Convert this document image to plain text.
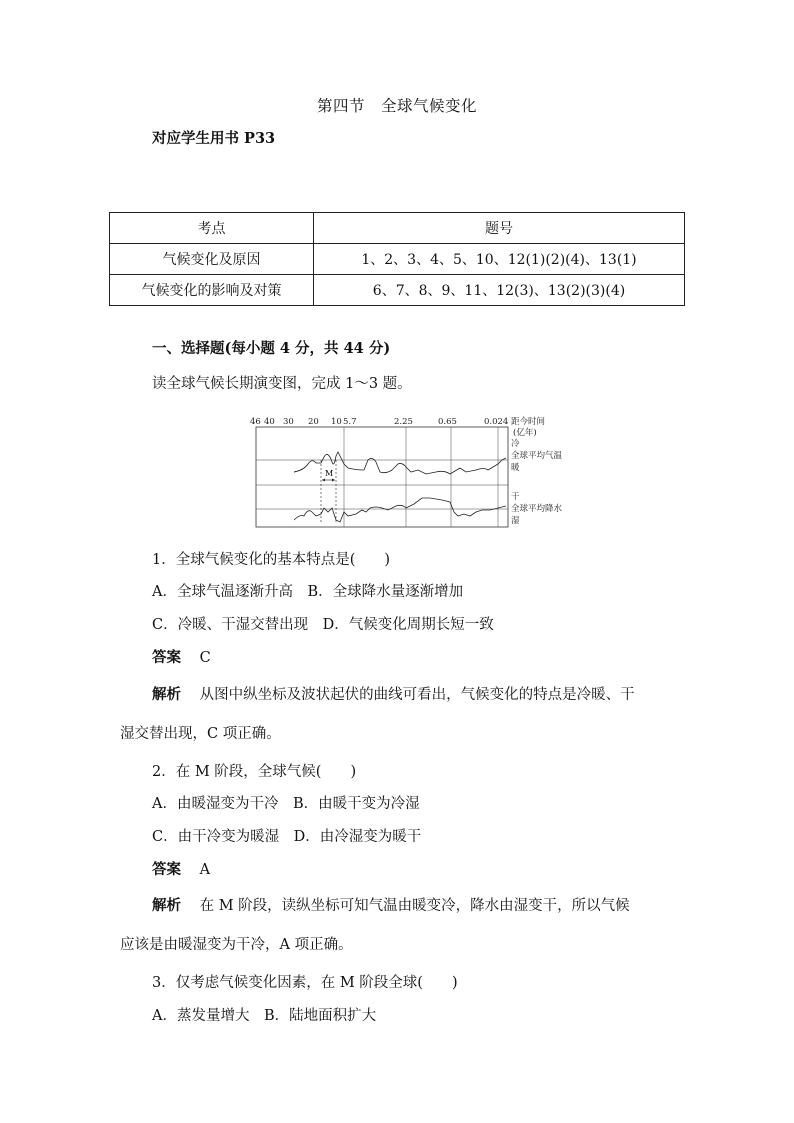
第四节　全球气候变化
对应学生用书 P33
考点	题号
气候变化及原因	1、2、3、4、5、10、12(1)(2)(4)、13(1)
气候变化的影响及对策	6、7、8、9、11、12(3)、13(2)(3)(4)
一、选择题(每小题 4 分，共 44 分)
读全球气候长期演变图，完成 1～3 题。
46 40 30 20 10 5.7	2.25	0.65	0.024
M
距今时间
(亿年)
冷
全球平均气温
暖
干
全球平均降水
湿
1．全球气候变化的基本特点是(　　)
A．全球气温逐渐升高　B．全球降水量逐渐增加
C．冷暖、干湿交替出现　D．气候变化周期长短一致
答案 C
解析 从图中纵坐标及波状起伏的曲线可看出，气候变化的特点是冷暖、干
湿交替出现，C 项正确。
2．在 M 阶段，全球气候(　　)
A．由暖湿变为干冷　B．由暖干变为冷湿
C．由干冷变为暖湿　D．由冷湿变为暖干
答案 A
解析 在 M 阶段，读纵坐标可知气温由暖变冷，降水由湿变干，所以气候
应该是由暖湿变为干冷，A 项正确。
3．仅考虑气候变化因素，在 M 阶段全球(　　)
A．蒸发量增大　B．陆地面积扩大
